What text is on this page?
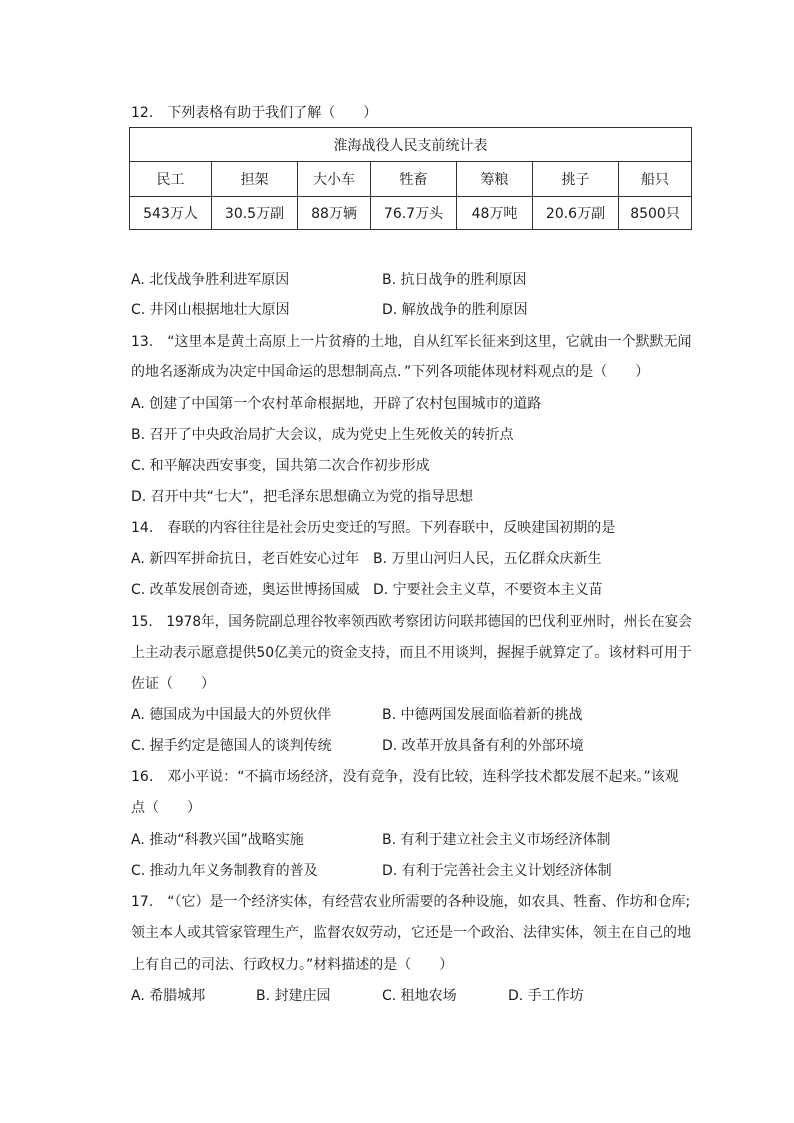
12.　下列表格有助于我们了解（　　）
淮海战役人民支前统计表						
民工	担架	大小车	牲畜	筹粮	挑子	船只
543万人	30.5万副	88万辆	76.7万头	48万吨	20.6万副	8500只
A. 北伐战争胜利进军原因	B. 抗日战争的胜利原因
C. 井冈山根据地壮大原因	D. 解放战争的胜利原因
13.　“这里本是黄土高原上一片贫瘠的土地，自从红军长征来到这里，它就由一个默默无闻
的地名逐渐成为决定中国命运的思想制高点．”下列各项能体现材料观点的是（　　）
A. 创建了中国第一个农村革命根据地，开辟了农村包围城市的道路
B. 召开了中央政治局扩大会议，成为党史上生死攸关的转折点
C. 和平解决西安事变，国共第二次合作初步形成
D. 召开中共“七大”，把毛泽东思想确立为党的指导思想
14.　春联的内容往往是社会历史变迁的写照。下列春联中，反映建国初期的是
A. 新四军拼命抗日，老百姓安心过年 B. 万里山河归人民，五亿群众庆新生
C. 改革发展创奇迹，奥运世博扬国威 D. 宁要社会主义草，不要资本主义苗
15.　1978年，国务院副总理谷牧率领西欧考察团访问联邦德国的巴伐利亚州时，州长在宴会
上主动表示愿意提供50亿美元的资金支持，而且不用谈判，握握手就算定了。该材料可用于
佐证（　　）
A. 德国成为中国最大的外贸伙伴	B. 中德两国发展面临着新的挑战
C. 握手约定是德国人的谈判传统	D. 改革开放具备有利的外部环境
16.　邓小平说：“不搞市场经济，没有竞争，没有比较，连科学技术都发展不起来。”该观
点（　　）
A. 推动“科教兴国”战略实施	B. 有利于建立社会主义市场经济体制
C. 推动九年义务制教育的普及	D. 有利于完善社会主义计划经济体制
17.　“（它）是一个经济实体，有经营农业所需要的各种设施，如农具、牲畜、作坊和仓库;
领主本人或其管家管理生产，监督农奴劳动，它还是一个政治、法律实体，领主在自己的地
上有自己的司法、行政权力。”材料描述的是（　　）
A. 希腊城邦	B. 封建庄园	C. 租地农场	D. 手工作坊
